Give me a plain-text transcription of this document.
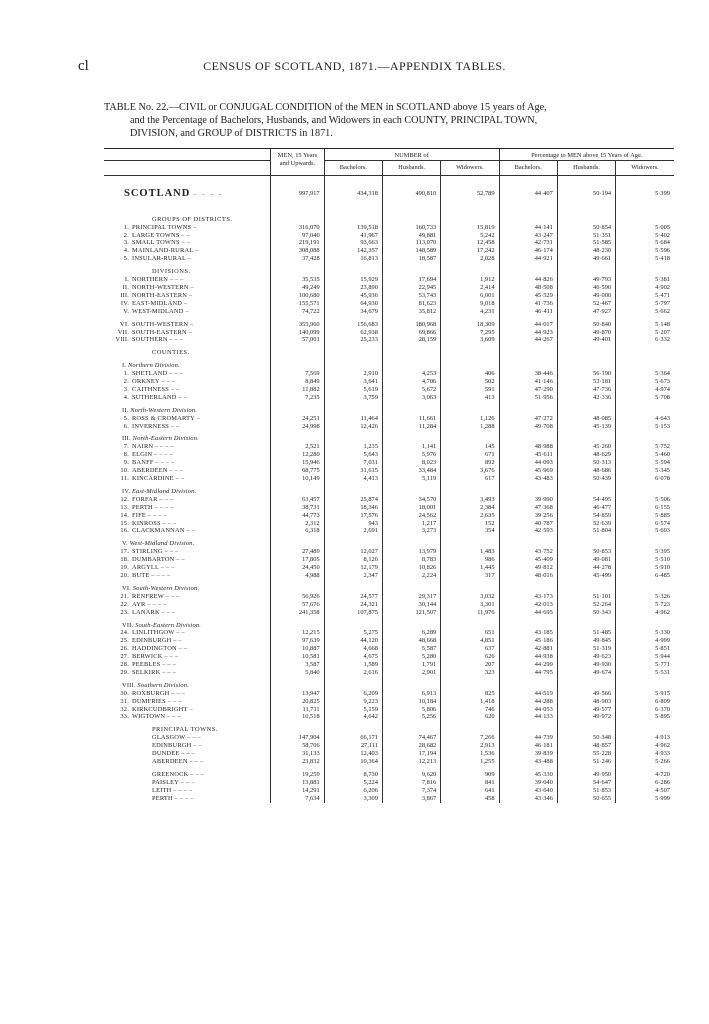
cl	CENSUS OF SCOTLAND, 1871.—APPENDIX TABLES.
TABLE No. 22.—CIVIL or CONJUGAL CONDITION of the MEN in SCOTLAND above 15 years of Age,
and the Percentage of Bachelors, Husbands, and Widowers in each COUNTY, PRINCIPAL TOWN,
DIVISION, and GROUP of DISTRICTS in 1871.
	MEN, 15 Years and Upwards.	NUMBER of			Percentage to MEN above 15 Years of Age.		
		Bachelors.	Husbands.	Widowers.	Bachelors.	Husbands.	Widowers.

SCOTLAND -  -  -  -	997,917	434,318	490,810	52,789	44·407	50·194	5·399
GROUPS OF DISTRICTS.							
1. PRINCIPAL TOWNS –	316,070	139,518	160,733	15,819	44·141	50·854	5·005
2. LARGE TOWNS – –	97,040	41,967	49,881	5,242	43·247	51·351	5·402
3. SMALL TOWNS – –	219,191	93,663	113,070	12,458	42·731	51·585	5·684
4. MAINLAND-RURAL –	308,088	142,357	148,589	17,242	46·174	48·230	5·596
5. INSULAR-RURAL –	37,428	16,813	18,587	2,028	44·921	49·661	5·418
DIVISIONS.							
I. NORTHERN – – –	35,535	15,929	17,694	1,912	44·826	49·793	5·381
II. NORTH-WESTERN –	49,249	23,890	22,945	2,414	48·508	46·590	4·902
III. NORTH-EASTERN –	100,680	45,936	53,743	6,001	45·529	49·000	5·471
IV. EAST-MIDLAND –	155,571	64,930	81,623	9,018	41·736	52·467	5·797
V. WEST-MIDLAND –	74,722	34,679	35,812	4,231	46·411	47·927	5·662

VI. SOUTH-WESTERN –	355,960	156,683	180,968	18,309	44·017	50·840	5·148
VII. SOUTH-EASTERN –	140,099	62,938	69,866	7,295	44·923	49·870	5·207
VIII. SOUTHERN – – –	57,001	25,233	28,159	3,609	44·267	49·401	6·332
COUNTIES.							
I. Northern Division.							
1. SHETLAND – – –	7,569	2,910	4,253	406	38·446	56·190	5·364
2. ORKNEY – – –	8,849	3,641	4,706	502	41·146	53·181	5·673
3. CAITHNESS – –	11,882	5,619	5,672	591	47·290	47·736	4·974
4. SUTHERLAND – –	7,235	3,759	3,063	413	51·956	42·336	5·708
II. North-Western Division.							
5. ROSS & CROMARTY –	24,251	11,464	11,661	1,126	47·272	48·085	4·643
6. INVERNESS – –	24,998	12,426	11,284	1,288	49·708	45·139	5·153
III. North-Eastern Division.							
7. NAIRN – – – –	2,521	1,235	1,141	145	48·988	45·260	5·752
8. ELGIN – – – –	12,280	5,643	5,976	671	45·611	48·629	5·460
9. BANFF – – – –	15,946	7,031	8,023	892	44·093	50·313	5·594
10. ABERDEEN – – –	68,775	31,615	33,484	3,676	45·969	48·686	5·345
11. KINCARDINE – –	10,149	4,413	5,119	617	43·483	50·439	6·078
IV. East-Midland Division.							
12. FORFAR – – –	63,457	25,874	34,570	3,493	39·990	54·495	5·506
13. PERTH – – – –	38,731	18,346	18,001	2,384	47·368	46·477	6·155
14. FIFE – – – –	44,773	17,576	24,562	2,635	39·256	54·859	5·885
15. KINROSS – – –	2,312	943	1,217	152	40·787	52·639	6·574
16. CLACKMANNAN – –	6,318	2,691	3,273	354	42·593	51·804	5·603
V. West-Midland Division.							
17. STIRLING – – –	27,489	12,027	13,979	1,483	43·752	50·853	5·395
18. DUMBARTON – –	17,805	8,126	8,783	986	45·409	49·081	5·510
19. ARGYLL – – –	24,450	12,179	10,826	1,445	49·812	44·278	5·910
20. BUTE – – – –	4,988	2,347	2,224	317	48·016	45·499	6·485
VI. South-Western Division.							
21. RENFREW – – –	56,926	24,577	29,317	3,032	43·173	51·101	5·326
22. AYR – – – –	57,676	24,321	30,144	3,301	42·013	52·264	5·723
23. LANARK – – –	241,358	107,875	121,507	11,976	44·695	50·343	4·962
VII. South-Eastern Division.							
24. LINLITHGOW – –	12,215	5,275	6,289	651	43·185	51·485	5·330
25. EDINBURGH – –	97,639	44,120	48,668	4,851	45·186	49·845	4·999
26. HADDINGTON – –	10,887	4,668	5,587	637	42·881	51·319	5·851
27. BERWICK – – –	10,581	4,675	5,280	626	44·938	49·623	5·944
28. PEEBLES – – –	3,587	1,589	1,791	207	44·299	49·930	5·771
29. SELKIRK – – –	5,840	2,616	2,901	323	44·795	49·674	5·531
VIII. Southern Division.							
30. ROXBURGH – – –	13,947	6,209	6,913	825	44·519	49·566	5·915
31. DUMFRIES – – –	20,825	9,223	10,184	1,418	44·288	48·903	6·809
32. KIRKCUDBRIGHT –	11,711	5,159	5,806	746	44·053	49·577	6·370
33. WIGTOWN – – –	10,518	4,642	5,256	620	44·133	49·972	5·895
PRINCIPAL TOWNS.							
GLASGOW – – –	147,904	66,171	74,467	7,266	44·739	50·348	4·913
EDINBURGH – –	58,706	27,111	28,682	2,913	46·181	48·857	4·962
DUNDEE – – –	31,133	12,403	17,194	1,536	39·839	55·228	4·933
ABERDEEN – – –	23,832	10,364	12,213	1,255	43·488	51·246	5·266

GREENOCK – – –	19,259	8,730	9,620	909	45·330	49·950	4·720
PAISLEY – – –	13,881	5,224	7,816	841	39·040	54·647	6·286
LEITH – – – –	14,291	6,206	7,374	641	43·640	51·853	4·507
PERTH – – – –	7,634	3,309	3,867	458	43·346	50·655	5·999
